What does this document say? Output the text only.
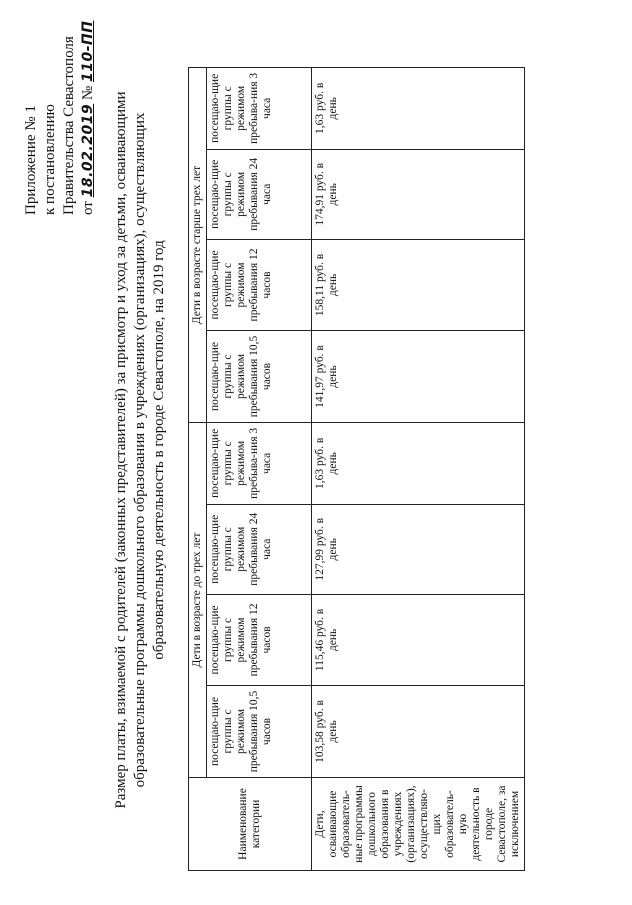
Приложение № 1 к постановлению Правительства Севастополя от 18.02.2019 № 110-ПП
Размер платы, взимаемой с родителей (законных представителей) за присмотр и уход за детьми, осваивающими образовательные программы дошкольного образования в учреждениях (организациях), осуществляющих образовательную деятельность в городе Севастополе, на 2019 год
Наименование категории	Дети в возрасте до трех лет				Дети в возрасте старше трех лет			
	посещаю-щие группы с режимом пребывания 10,5 часов	посещаю-щие группы с режимом пребывания 12 часов	посещаю-щие группы с режимом пребывания 24 часа	посещаю-щие группы с режимом пребыва-ния 3 часа	посещаю-щие группы с режимом пребывания 10,5 часов	посещаю-щие группы с режимом пребывания 12 часов	посещаю-щие группы с режимом пребывания 24 часа	посещаю-щие группы с режимом пребыва-ния 3 часа
Дети, осваивающие образователь-ные программы дошкольного образования в учреждениях (организациях), осуществляю-щих образователь-ную деятельность в городе Севастополе, за исключением	103,58 руб. в день	115,46 руб. в день	127,99 руб. в день	1,63 руб. в день	141,97 руб. в день	158,11 руб. в день	174,91 руб. в день	1,63 руб. в день
